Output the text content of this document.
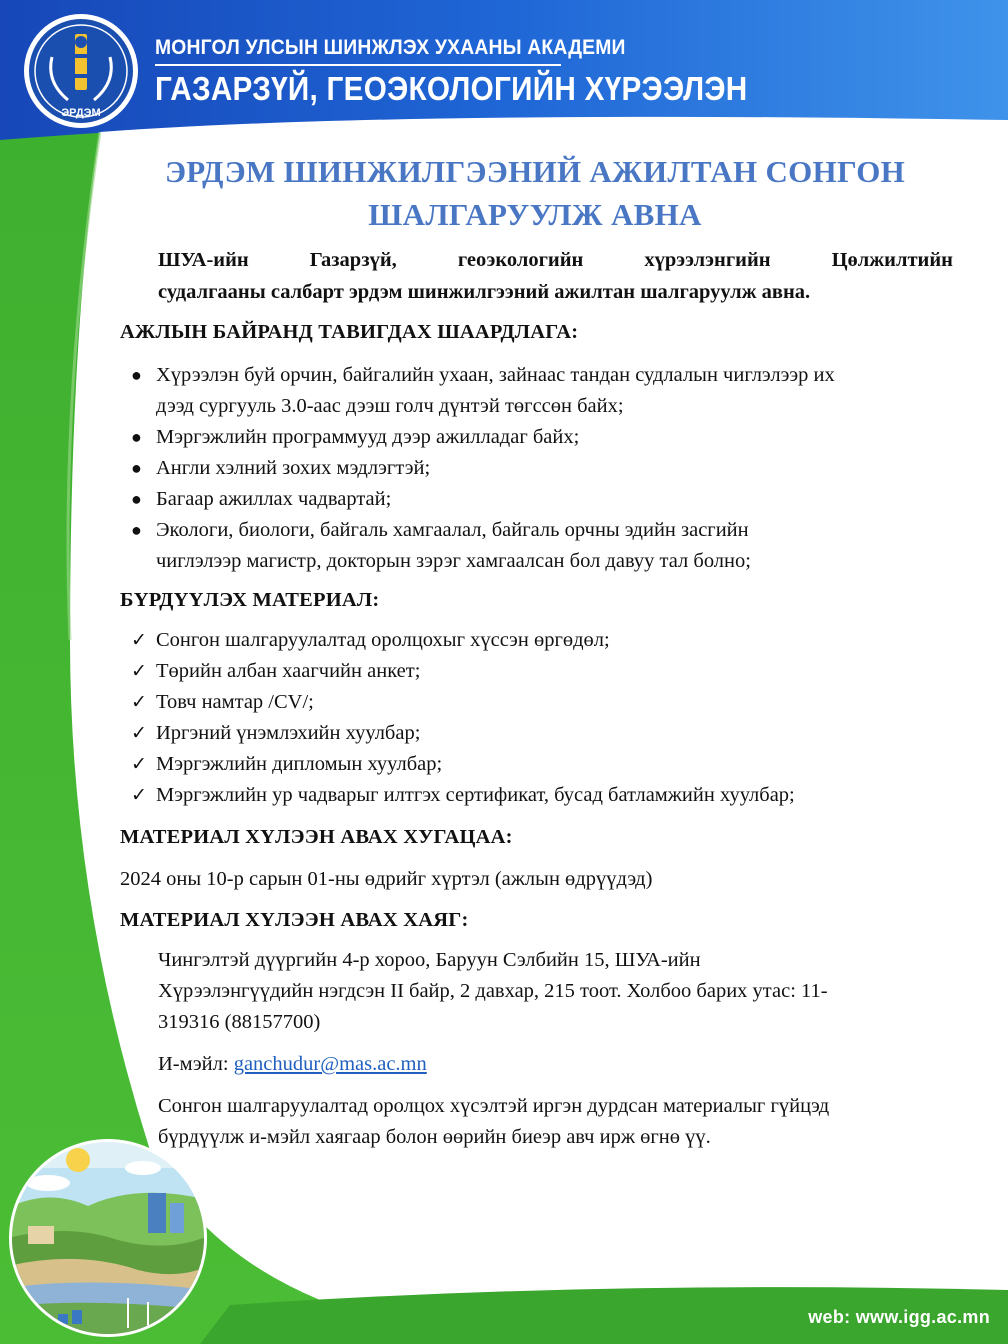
ЭРДЭМ
МОНГОЛ УЛСЫН ШИНЖЛЭХ УХААНЫ АКАДЕМИ
ГАЗАРЗҮЙ, ГЕОЭКОЛОГИЙН ХҮРЭЭЛЭН
ЭРДЭМ ШИНЖИЛГЭЭНИЙ АЖИЛТАН СОНГОН
ШАЛГАРУУЛЖ АВНА
ШУА-ийн Газарзүй, геоэкологийн хүрээлэнгийн Цөлжилтийн
судалгааны салбарт эрдэм шинжилгээний ажилтан шалгаруулж авна.
АЖЛЫН БАЙРАНД ТАВИГДАХ ШААРДЛАГА:
● Хүрээлэн буй орчин, байгалийн ухаан, зайнаас тандан судлалын чиглэлээр их
дээд сургууль 3.0-аас дээш голч дүнтэй төгссөн байх;
● Мэргэжлийн программууд дээр ажилладаг байх;
● Англи хэлний зохих мэдлэгтэй;
● Багаар ажиллах чадвартай;
● Экологи, биологи, байгаль хамгаалал, байгаль орчны эдийн засгийн
чиглэлээр магистр, докторын зэрэг хамгаалсан бол давуу тал болно;
БҮРДҮҮЛЭХ МАТЕРИАЛ:
✓ Сонгон шалгаруулалтад оролцохыг хүссэн өргөдөл;
✓ Төрийн албан хаагчийн анкет;
✓ Товч намтар /CV/;
✓ Иргэний үнэмлэхийн хуулбар;
✓ Мэргэжлийн дипломын хуулбар;
✓ Мэргэжлийн ур чадварыг илтгэх сертификат, бусад батламжийн хуулбар;
МАТЕРИАЛ ХҮЛЭЭН АВАХ ХУГАЦАА:
2024 оны 10-р сарын 01-ны өдрийг хүртэл (ажлын өдрүүдэд)
МАТЕРИАЛ ХҮЛЭЭН АВАХ ХАЯГ:
Чингэлтэй дүүргийн 4-р хороо, Баруун Сэлбийн 15, ШУА-ийн
Хүрээлэнгүүдийн нэгдсэн II байр, 2 давхар, 215 тоот. Холбоо барих утас: 11-
319316 (88157700)
И-мэйл: ganchudur@mas.ac.mn
Сонгон шалгаруулалтад оролцох хүсэлтэй иргэн дурдсан материалыг гүйцэд
бүрдүүлж и-мэйл хаягаар болон өөрийн биеэр авч ирж өгнө үү.
web: www.igg.ac.mn
